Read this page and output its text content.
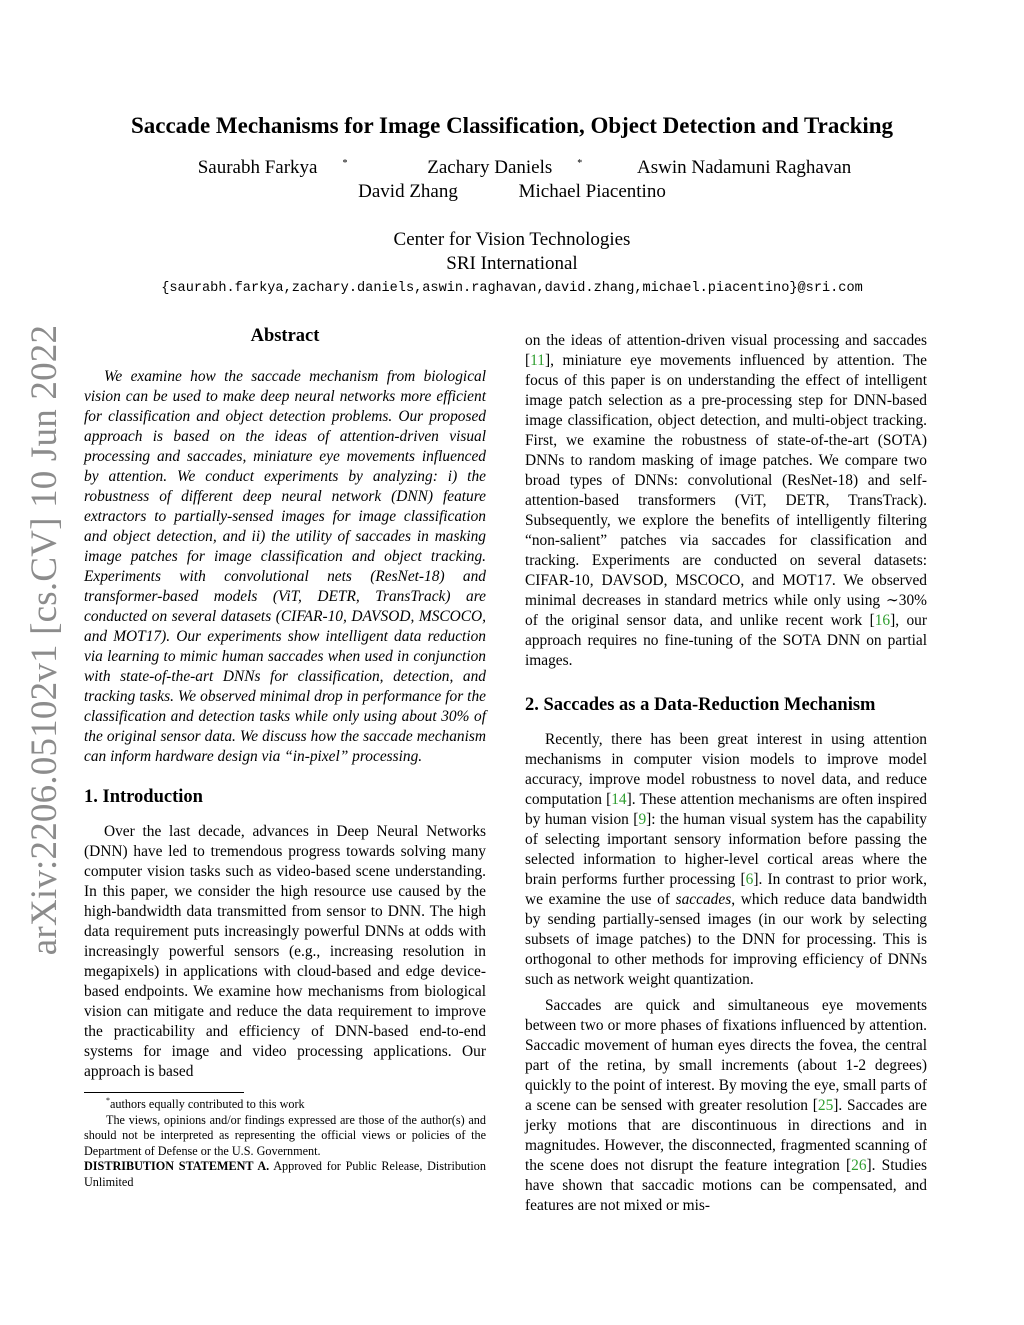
arXiv:2206.05102v1 [cs.CV] 10 Jun 2022
Saccade Mechanisms for Image Classification, Object Detection and Tracking
Saurabh Farkya	*	Zachary Daniels	*	Aswin Nadamuni Raghavan
David Zhang	Michael Piacentino
Center for Vision Technologies
SRI International
{saurabh.farkya,zachary.daniels,aswin.raghavan,david.zhang,michael.piacentino}@sri.com
Abstract

We examine how the saccade mechanism from biological vision can be used to make deep neural networks more efficient for classification and object detection problems. Our proposed approach is based on the ideas of attention-driven visual processing and saccades, miniature eye movements influenced by attention. We conduct experiments by analyzing: i) the robustness of different deep neural network (DNN) feature extractors to partially-sensed images for image classification and object detection, and ii) the utility of saccades in masking image patches for image classification and object tracking. Experiments with convolutional nets (ResNet-18) and transformer-based models (ViT, DETR, TransTrack) are conducted on several datasets (CIFAR-10, DAVSOD, MSCOCO, and MOT17). Our experiments show intelligent data reduction via learning to mimic human saccades when used in conjunction with state-of-the-art DNNs for classification, detection, and tracking tasks. We observed minimal drop in performance for the classification and detection tasks while only using about 30% of the original sensor data. We discuss how the saccade mechanism can inform hardware design via “in-pixel” processing.

1. Introduction

Over the last decade, advances in Deep Neural Networks (DNN) have led to tremendous progress towards solving many computer vision tasks such as video-based scene understanding. In this paper, we consider the high resource use caused by the high-bandwidth data transmitted from sensor to DNN. The high data requirement puts increasingly powerful DNNs at odds with increasingly powerful sensors (e.g., increasing resolution in megapixels) in applications with cloud-based and edge device-based endpoints. We examine how mechanisms from biological vision can mitigate and reduce the data requirement to improve the practicability and efficiency of DNN-based end-to-end systems for image and video processing applications. Our approach is based

*authors equally contributed to this work

The views, opinions and/or findings expressed are those of the author(s) and should not be interpreted as representing the official views or policies of the Department of Defense or the U.S. Government.

DISTRIBUTION STATEMENT A. Approved for Public Release, Distribution Unlimited

on the ideas of attention-driven visual processing and saccades [11], miniature eye movements influenced by attention. The focus of this paper is on understanding the effect of intelligent image patch selection as a pre-processing step for DNN-based image classification, object detection, and multi-object tracking. First, we examine the robustness of state-of-the-art (SOTA) DNNs to random masking of image patches. We compare two broad types of DNNs: convolutional (ResNet-18) and self-attention-based transformers (ViT, DETR, TransTrack). Subsequently, we explore the benefits of intelligently filtering “non-salient” patches via saccades for classification and tracking. Experiments are conducted on several datasets: CIFAR-10, DAVSOD, MSCOCO, and MOT17. We observed minimal decreases in standard metrics while only using ∼30% of the original sensor data, and unlike recent work [16], our approach requires no fine-tuning of the SOTA DNN on partial images.

2. Saccades as a Data-Reduction Mechanism

Recently, there has been great interest in using attention mechanisms in computer vision models to improve model accuracy, improve model robustness to novel data, and reduce computation [14]. These attention mechanisms are often inspired by human vision [9]: the human visual system has the capability of selecting important sensory information before passing the selected information to higher-level cortical areas where the brain performs further processing [6]. In contrast to prior work, we examine the use of saccades, which reduce data bandwidth by sending partially-sensed images (in our work by selecting subsets of image patches) to the DNN for processing. This is orthogonal to other methods for improving efficiency of DNNs such as network weight quantization.

Saccades are quick and simultaneous eye movements between two or more phases of fixations influenced by attention. Saccadic movement of human eyes directs the fovea, the central part of the retina, by small increments (about 1-2 degrees) quickly to the point of interest. By moving the eye, small parts of a scene can be sensed with greater resolution [25]. Saccades are jerky motions that are discontinuous in directions and in magnitudes. However, the disconnected, fragmented scanning of the scene does not disrupt the feature integration [26]. Studies have shown that saccadic motions can be compensated, and features are not mixed or mis-
